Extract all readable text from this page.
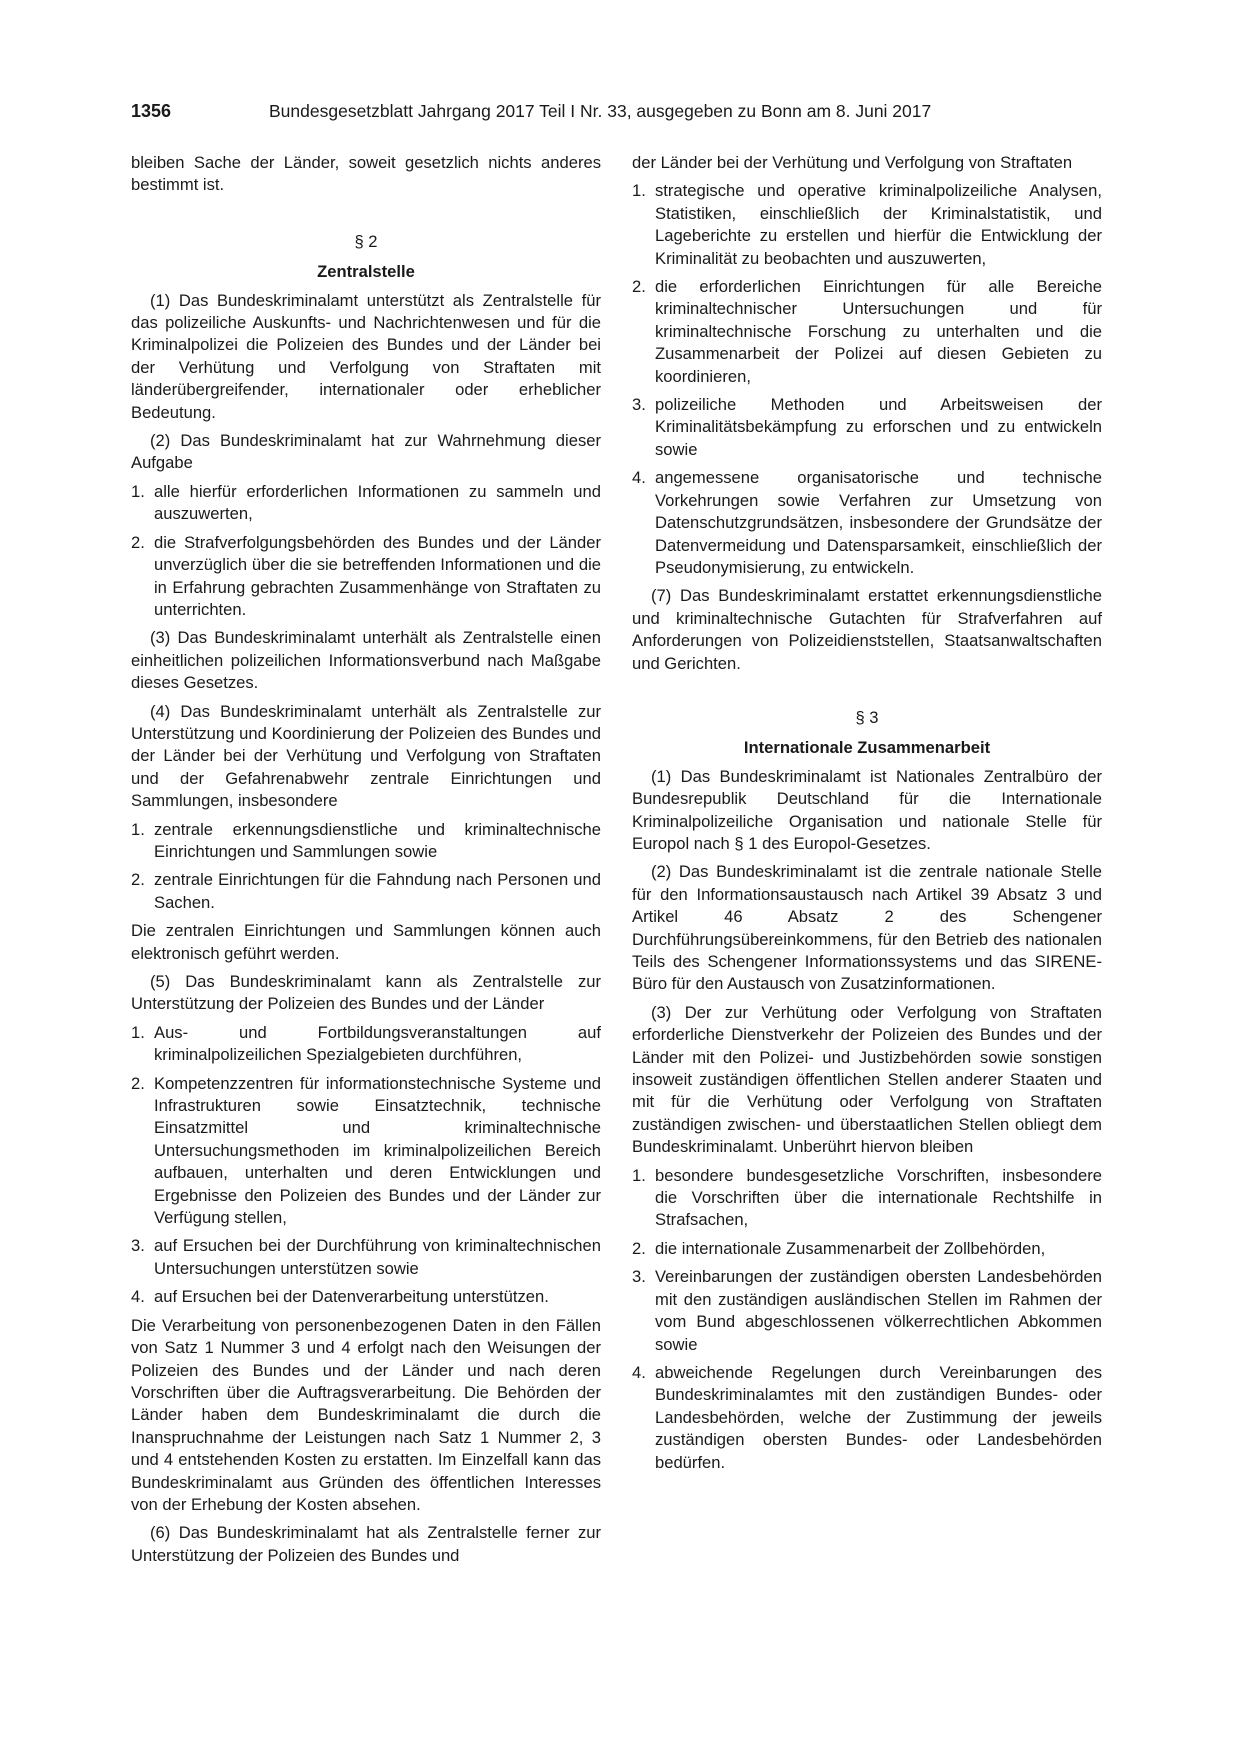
1356	Bundesgesetzblatt Jahrgang 2017 Teil I Nr. 33, ausgegeben zu Bonn am 8. Juni 2017

bleiben Sache der Länder, soweit gesetzlich nichts anderes bestimmt ist.

§ 2

Zentralstelle

(1) Das Bundeskriminalamt unterstützt als Zentralstelle für das polizeiliche Auskunfts- und Nachrichtenwesen und für die Kriminalpolizei die Polizeien des Bundes und der Länder bei der Verhütung und Verfolgung von Straftaten mit länderübergreifender, internationaler oder erheblicher Bedeutung.

(2) Das Bundeskriminalamt hat zur Wahrnehmung dieser Aufgabe

1. alle hierfür erforderlichen Informationen zu sammeln und auszuwerten,
2. die Strafverfolgungsbehörden des Bundes und der Länder unverzüglich über die sie betreffenden Informationen und die in Erfahrung gebrachten Zusammenhänge von Straftaten zu unterrichten.

(3) Das Bundeskriminalamt unterhält als Zentralstelle einen einheitlichen polizeilichen Informationsverbund nach Maßgabe dieses Gesetzes.

(4) Das Bundeskriminalamt unterhält als Zentralstelle zur Unterstützung und Koordinierung der Polizeien des Bundes und der Länder bei der Verhütung und Verfolgung von Straftaten und der Gefahrenabwehr zentrale Einrichtungen und Sammlungen, insbesondere

1. zentrale erkennungsdienstliche und kriminaltechnische Einrichtungen und Sammlungen sowie
2. zentrale Einrichtungen für die Fahndung nach Personen und Sachen.

Die zentralen Einrichtungen und Sammlungen können auch elektronisch geführt werden.

(5) Das Bundeskriminalamt kann als Zentralstelle zur Unterstützung der Polizeien des Bundes und der Länder

1. Aus- und Fortbildungsveranstaltungen auf kriminalpolizeilichen Spezialgebieten durchführen,
2. Kompetenzzentren für informationstechnische Systeme und Infrastrukturen sowie Einsatztechnik, technische Einsatzmittel und kriminaltechnische Untersuchungsmethoden im kriminalpolizeilichen Bereich aufbauen, unterhalten und deren Entwicklungen und Ergebnisse den Polizeien des Bundes und der Länder zur Verfügung stellen,
3. auf Ersuchen bei der Durchführung von kriminaltechnischen Untersuchungen unterstützen sowie
4. auf Ersuchen bei der Datenverarbeitung unterstützen.

Die Verarbeitung von personenbezogenen Daten in den Fällen von Satz 1 Nummer 3 und 4 erfolgt nach den Weisungen der Polizeien des Bundes und der Länder und nach deren Vorschriften über die Auftragsverarbeitung. Die Behörden der Länder haben dem Bundeskriminalamt die durch die Inanspruchnahme der Leistungen nach Satz 1 Nummer 2, 3 und 4 entstehenden Kosten zu erstatten. Im Einzelfall kann das Bundeskriminalamt aus Gründen des öffentlichen Interesses von der Erhebung der Kosten absehen.

(6) Das Bundeskriminalamt hat als Zentralstelle ferner zur Unterstützung der Polizeien des Bundes und

der Länder bei der Verhütung und Verfolgung von Straftaten

1. strategische und operative kriminalpolizeiliche Analysen, Statistiken, einschließlich der Kriminalstatistik, und Lageberichte zu erstellen und hierfür die Entwicklung der Kriminalität zu beobachten und auszuwerten,
2. die erforderlichen Einrichtungen für alle Bereiche kriminaltechnischer Untersuchungen und für kriminaltechnische Forschung zu unterhalten und die Zusammenarbeit der Polizei auf diesen Gebieten zu koordinieren,
3. polizeiliche Methoden und Arbeitsweisen der Kriminalitätsbekämpfung zu erforschen und zu entwickeln sowie
4. angemessene organisatorische und technische Vorkehrungen sowie Verfahren zur Umsetzung von Datenschutzgrundsätzen, insbesondere der Grundsätze der Datenvermeidung und Datensparsamkeit, einschließlich der Pseudonymisierung, zu entwickeln.

(7) Das Bundeskriminalamt erstattet erkennungsdienstliche und kriminaltechnische Gutachten für Strafverfahren auf Anforderungen von Polizeidienststellen, Staatsanwaltschaften und Gerichten.

§ 3

Internationale Zusammenarbeit

(1) Das Bundeskriminalamt ist Nationales Zentralbüro der Bundesrepublik Deutschland für die Internationale Kriminalpolizeiliche Organisation und nationale Stelle für Europol nach § 1 des Europol-Gesetzes.

(2) Das Bundeskriminalamt ist die zentrale nationale Stelle für den Informationsaustausch nach Artikel 39 Absatz 3 und Artikel 46 Absatz 2 des Schengener Durchführungsübereinkommens, für den Betrieb des nationalen Teils des Schengener Informationssystems und das SIRENE-Büro für den Austausch von Zusatzinformationen.

(3) Der zur Verhütung oder Verfolgung von Straftaten erforderliche Dienstverkehr der Polizeien des Bundes und der Länder mit den Polizei- und Justizbehörden sowie sonstigen insoweit zuständigen öffentlichen Stellen anderer Staaten und mit für die Verhütung oder Verfolgung von Straftaten zuständigen zwischen- und überstaatlichen Stellen obliegt dem Bundeskriminalamt. Unberührt hiervon bleiben

1. besondere bundesgesetzliche Vorschriften, insbesondere die Vorschriften über die internationale Rechtshilfe in Strafsachen,
2. die internationale Zusammenarbeit der Zollbehörden,
3. Vereinbarungen der zuständigen obersten Landesbehörden mit den zuständigen ausländischen Stellen im Rahmen der vom Bund abgeschlossenen völkerrechtlichen Abkommen sowie
4. abweichende Regelungen durch Vereinbarungen des Bundeskriminalamtes mit den zuständigen Bundes- oder Landesbehörden, welche der Zustimmung der jeweils zuständigen obersten Bundes- oder Landesbehörden bedürfen.
